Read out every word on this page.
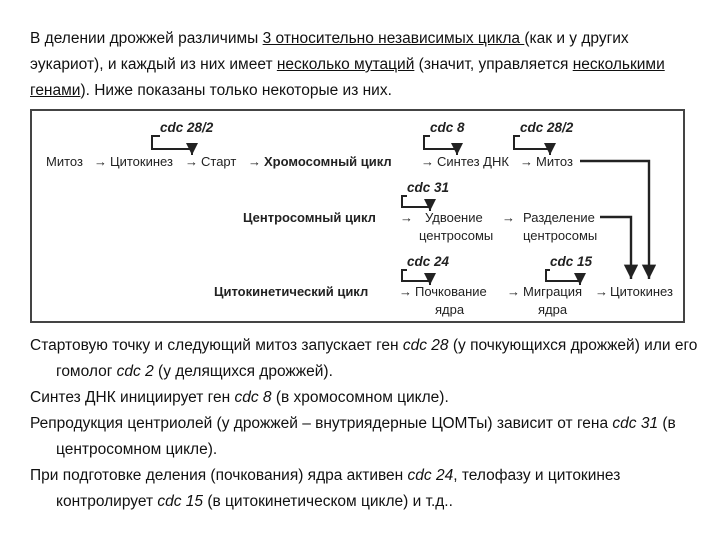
В делении дрожжей различимы 3 относительно независимых цикла (как и у других эукариот), и каждый из них имеет несколько мутаций (значит, управляется несколькими генами). Ниже показаны только некоторые из них.
cdc 28/2	cdc 8	cdc 28/2
cdc 31
cdc 24	cdc 15
Митоз → Цитокинез → Старт → Хромосомный цикл → Синтез ДНК → Митоз
Центросомный цикл → Удвоение
центросомы
→ Разделение
центросомы
Цитокинетический цикл → Почкование
ядра
→ Миграция
ядра
→ Цитокинез

Стартовую точку и следующий митоз запускает ген cdc 28 (у почкующихся дрожжей) или его гомолог cdc 2 (у делящихся дрожжей).

Синтез ДНК инициирует ген cdc 8 (в хромосомном цикле).

Репродукция центриолей (у дрожжей – внутриядерные ЦОМТы) зависит от гена cdc 31 (в центросомном цикле).

При подготовке деления (почкования) ядра активен cdc 24, телофазу и цитокинез контролирует cdc 15 (в цитокинетическом цикле) и т.д..
